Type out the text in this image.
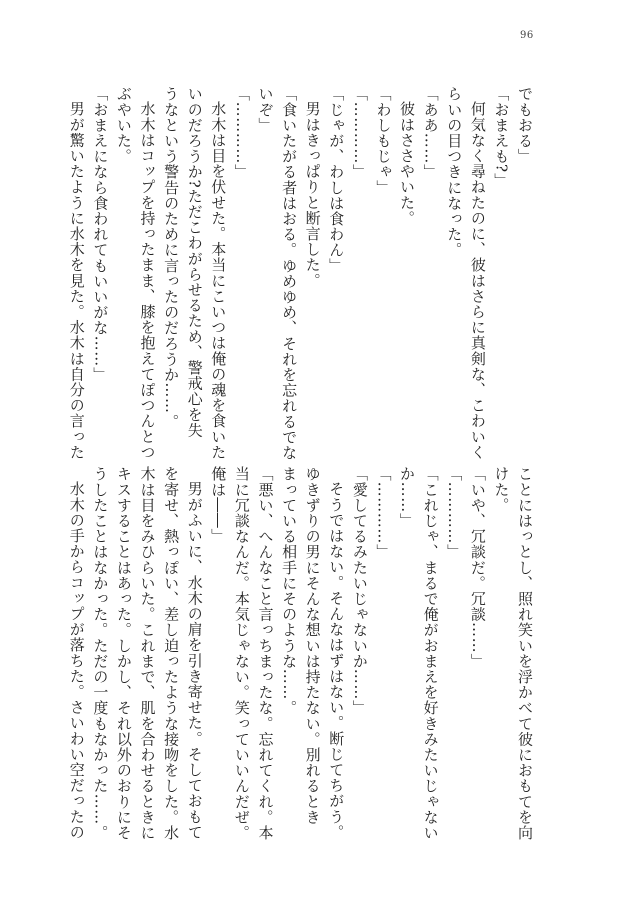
96

でもおる」

「おまえも?」

何気なく尋ねたのに、彼はさらに真剣な、こわいく

らいの目つきになった。

「ああ……」

彼はささやいた。

「わしもじゃ」

「…………」

「じゃが、わしは食わん」

男はきっぱりと断言した。

「食いたがる者はおる。ゆめゆめ、それを忘れるでな

いぞ」

「…………」

水木は目を伏せた。本当にこいつは俺の魂を食いた

いのだろうか?ただこわがらせるため、警戒心を失

うなという警告のために言ったのだろうか……。

水木はコップを持ったまま、膝を抱えてぽつんとつ

ぶやいた。

「おまえになら食われてもいいがな……」

男が驚いたように水木を見た。水木は自分の言った

ことにはっとし、照れ笑いを浮かべて彼におもてを向

けた。

「いや、冗談だ。冗談……」

「…………」

「これじゃ、まるで俺がおまえを好きみたいじゃない

か……」

「…………」

「愛してるみたいじゃないか……」

そうではない。そんなはずはない。断じてちがう。

ゆきずりの男にそんな想いは持たない。別れるとき

まっている相手にそのような……。

「悪い、へんなこと言っちまったな。忘れてくれ。本

当に冗談なんだ。本気じゃない。笑っていいんだぜ。

俺は――」

男がふいに、水木の肩を引き寄せた。そしておもて

を寄せ、熱っぽい、差し迫ったような接吻をした。水

木は目をみひらいた。これまで、肌を合わせるときに

キスすることはあった。しかし、それ以外のおりにそ

うしたことはなかった。ただの一度もなかった……。

水木の手からコップが落ちた。さいわい空だったの
